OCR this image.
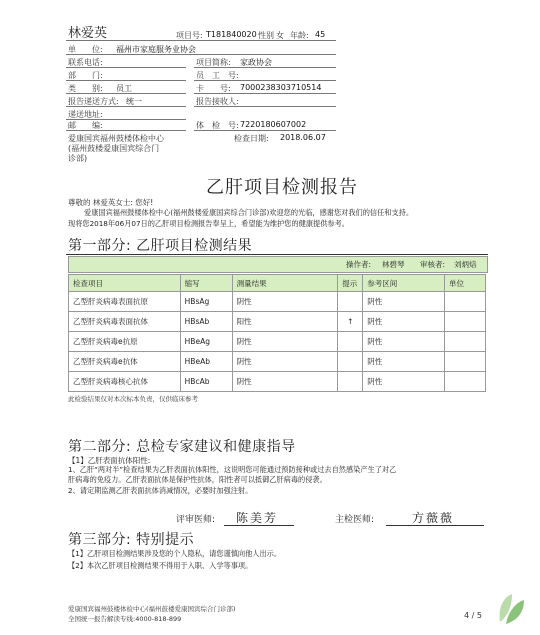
林爱英	项目号: T181840020 性别 女 年龄: 45
单　　位: 福州市家庭服务业协会
联系电话:	项目简称: 家政协会
部　　门:	员　工　号:
类　　别: 员工	卡　　号: 7000238303710514
报告递送方式: 统一	报告接收人:
递送地址:
邮　　编:	体　检　号: 7220180607002
爱康国宾福州鼓楼体检中心
(福州鼓楼爱康国宾综合门
诊部)
检查日期: 2018.06.07
乙肝项目检测报告
尊敬的 林爱英女士: 您好!
爱康国宾福州鼓楼体检中心(福州鼓楼爱康国宾综合门诊部)欢迎您的光临，感谢您对我们的信任和支持。
现将您2018年06月07日的乙肝项目检测报告奉呈上，希望能为维护您的健康提供参考。
第一部分: 乙肝项目检测结果
操作者: 林碧琴 审核者: 刘炳焙
检查项目	缩写	测量结果	提示	参考区间	单位
乙型肝炎病毒表面抗原	HBsAg	阴性		阴性	
乙型肝炎病毒表面抗体	HBsAb	阳性	↑	阴性	
乙型肝炎病毒e抗原	HBeAg	阴性		阴性	
乙型肝炎病毒e抗体	HBeAb	阴性		阴性	
乙型肝炎病毒核心抗体	HBcAb	阴性		阴性	
此检验结果仅对本次标本负责，仅供临床参考
第二部分: 总检专家建议和健康指导
【1】乙肝表面抗体阳性:
1、乙肝“两对半”检查结果为乙肝表面抗体阳性，这说明您可能通过预防接种或过去自然感染产生了对乙
肝病毒的免疫力。乙肝表面抗体是保护性抗体，阳性者可以抵御乙肝病毒的侵袭。
2、请定期监测乙肝表面抗体消减情况，必要时加强注射。
评审医师: 陈美芳	主检医师:	方薇薇
第三部分: 特别提示
【1】乙肝项目检测结果涉及您的个人隐私，请您谨慎向他人出示。
【2】本次乙肝项目检测结果不得用于入职、入学等事项。
爱康国宾福州鼓楼体检中心(福州鼓楼爱康国宾综合门诊部)
全国统一报告解读专线:4000-818-899	4 / 5
